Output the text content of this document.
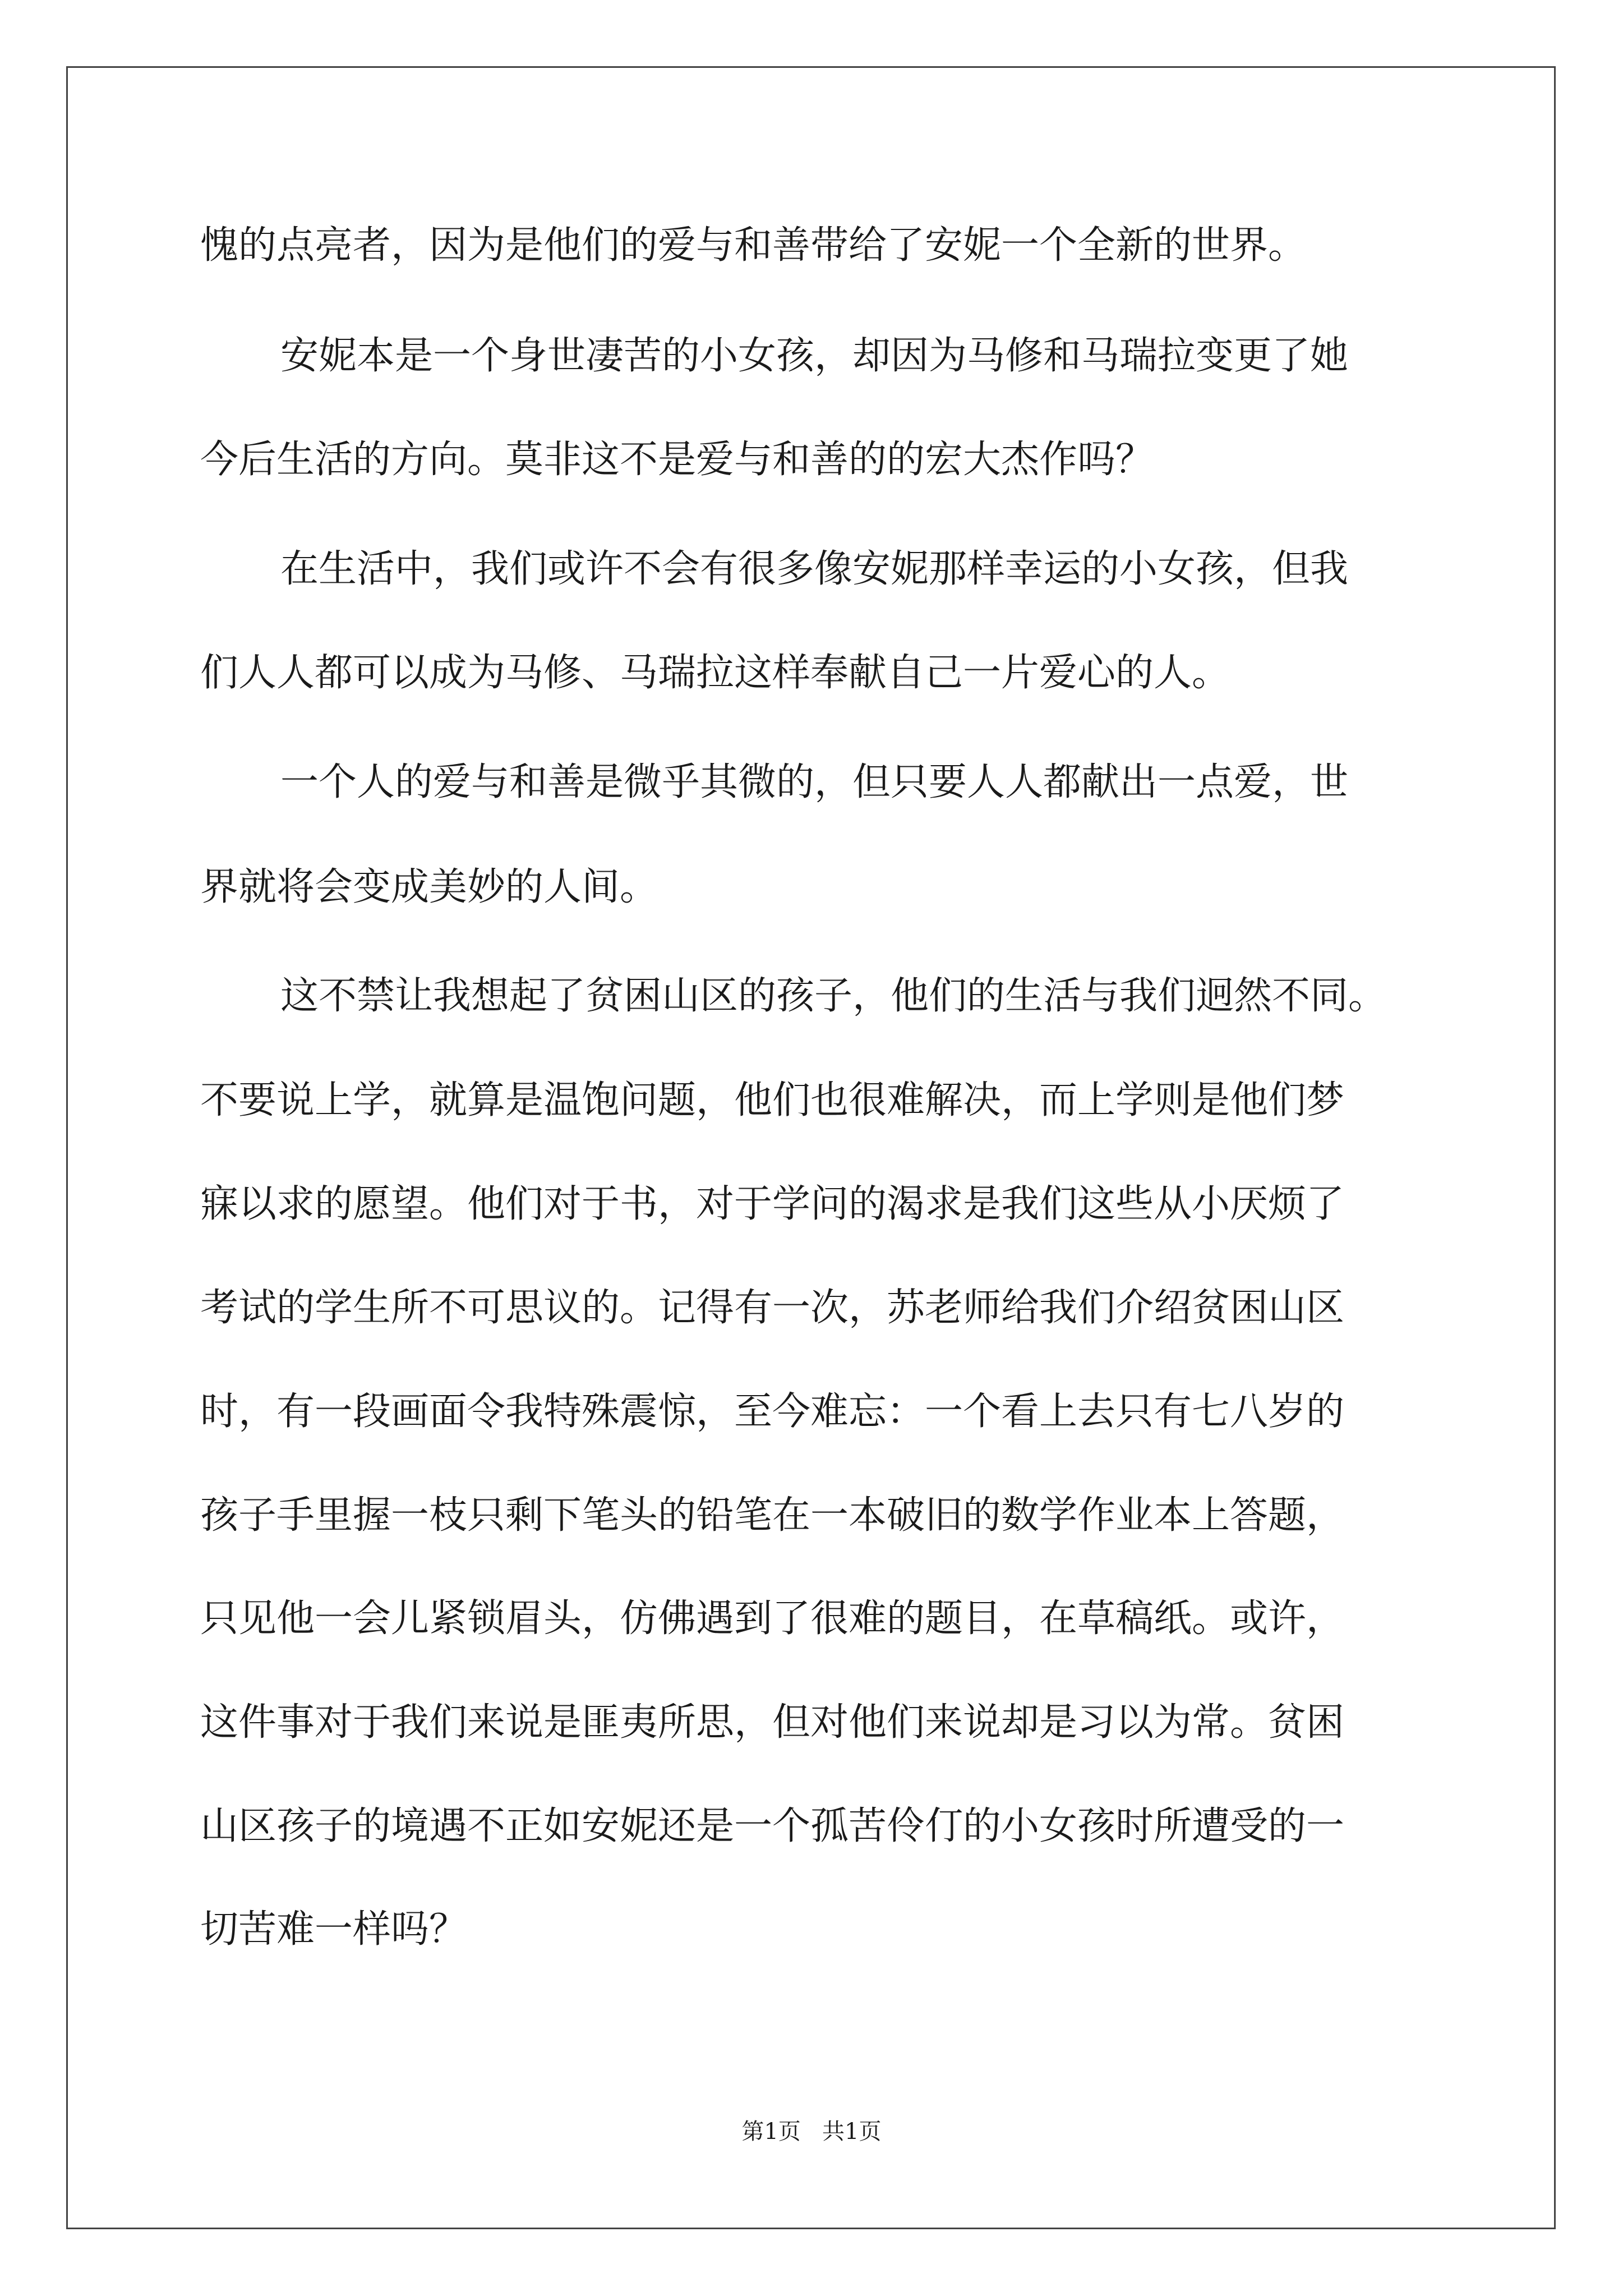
愧的点亮者，因为是他们的爱与和善带给了安妮一个全新的世界。

安妮本是一个身世凄苦的小女孩，却因为马修和马瑞拉变更了她

今后生活的方向。莫非这不是爱与和善的的宏大杰作吗？

在生活中，我们或许不会有很多像安妮那样幸运的小女孩，但我

们人人都可以成为马修、马瑞拉这样奉献自己一片爱心的人。

一个人的爱与和善是微乎其微的，但只要人人都献出一点爱，世

界就将会变成美妙的人间。

这不禁让我想起了贫困山区的孩子，他们的生活与我们迥然不同。

不要说上学，就算是温饱问题，他们也很难解决，而上学则是他们梦

寐以求的愿望。他们对于书，对于学问的渴求是我们这些从小厌烦了

考试的学生所不可思议的。记得有一次，苏老师给我们介绍贫困山区

时，有一段画面令我特殊震惊，至今难忘：一个看上去只有七八岁的

孩子手里握一枝只剩下笔头的铅笔在一本破旧的数学作业本上答题，

只见他一会儿紧锁眉头，仿佛遇到了很难的题目，在草稿纸。或许，

这件事对于我们来说是匪夷所思，但对他们来说却是习以为常。贫困

山区孩子的境遇不正如安妮还是一个孤苦伶仃的小女孩时所遭受的一

切苦难一样吗？

第1页   共1页
